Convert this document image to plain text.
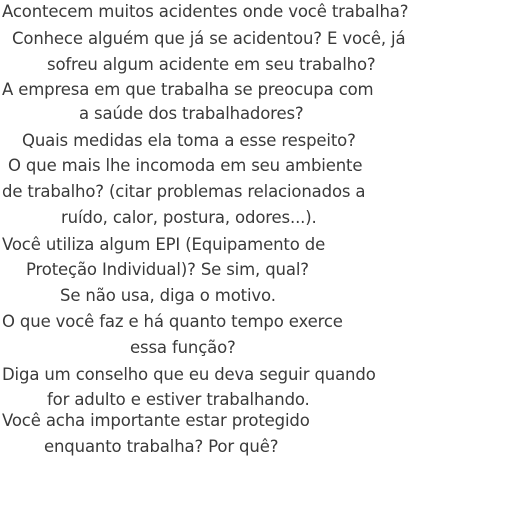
Acontecem muitos acidentes onde você trabalha?
Conhece alguém que já se acidentou? E você, já
sofreu algum acidente em seu trabalho?
A empresa em que trabalha se preocupa com
a saúde dos trabalhadores?
Quais medidas ela toma a esse respeito?
O que mais lhe incomoda em seu ambiente
de trabalho? (citar problemas relacionados a
ruído, calor, postura, odores...).
Você utiliza algum EPI (Equipamento de
Proteção Individual)? Se sim, qual?
Se não usa, diga o motivo.
O que você faz e há quanto tempo exerce
essa função?
Diga um conselho que eu deva seguir quando
for adulto e estiver trabalhando.
Você acha importante estar protegido
enquanto trabalha? Por quê?
